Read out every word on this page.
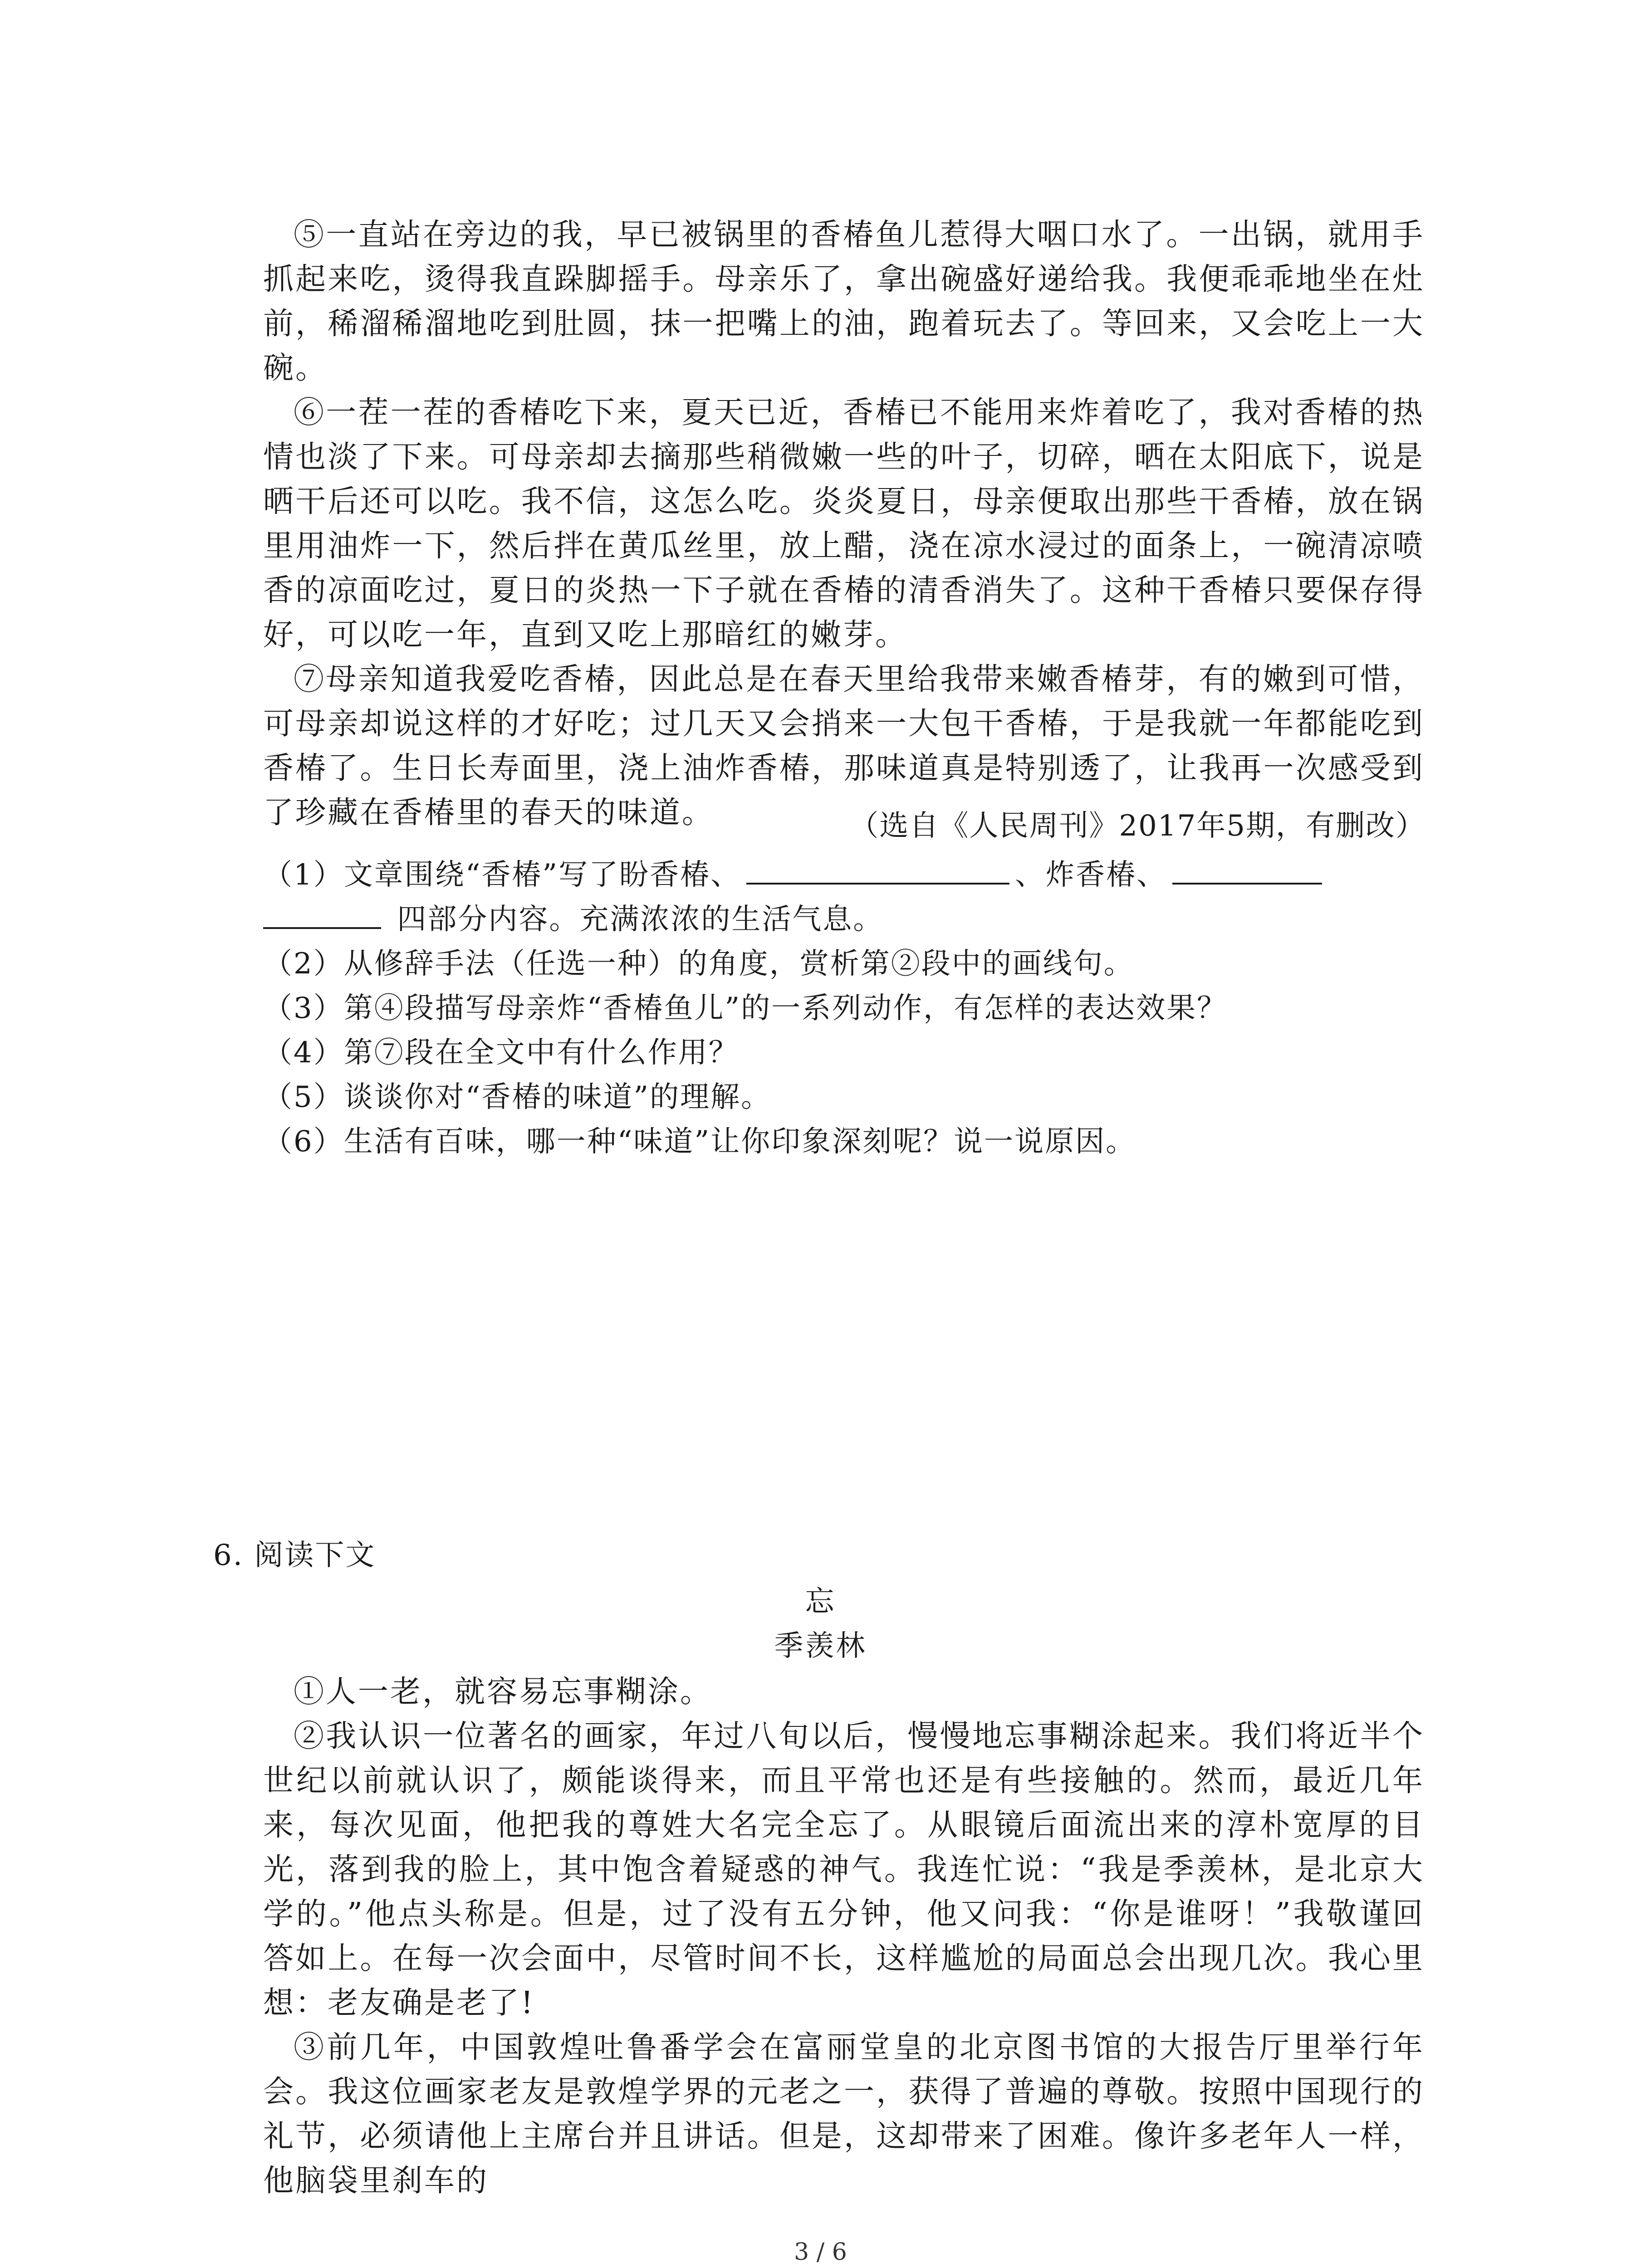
⑤一直站在旁边的我，早已被锅里的香椿鱼儿惹得大咽口水了。一出锅，就用手抓起来吃，烫得我直跺脚摇手。母亲乐了，拿出碗盛好递给我。我便乖乖地坐在灶前，稀溜稀溜地吃到肚圆，抹一把嘴上的油，跑着玩去了。等回来，又会吃上一大碗。

⑥一茬一茬的香椿吃下来，夏天已近，香椿已不能用来炸着吃了，我对香椿的热情也淡了下来。可母亲却去摘那些稍微嫩一些的叶子，切碎，晒在太阳底下，说是晒干后还可以吃。我不信，这怎么吃。炎炎夏日，母亲便取出那些干香椿，放在锅里用油炸一下，然后拌在黄瓜丝里，放上醋，浇在凉水浸过的面条上，一碗清凉喷香的凉面吃过，夏日的炎热一下子就在香椿的清香消失了。这种干香椿只要保存得好，可以吃一年，直到又吃上那暗红的嫩芽。

⑦母亲知道我爱吃香椿，因此总是在春天里给我带来嫩香椿芽，有的嫩到可惜，可母亲却说这样的才好吃；过几天又会捎来一大包干香椿，于是我就一年都能吃到香椿了。生日长寿面里，浇上油炸香椿，那味道真是特别透了，让我再一次感受到了珍藏在香椿里的春天的味道。	（选自《人民周刊》2017年5期，有删改）

（1）文章围绕“香椿”写了盼香椿、	、炸香椿、

四部分内容。充满浓浓的生活气息。

（2）从修辞手法（任选一种）的角度，赏析第②段中的画线句。

（3）第④段描写母亲炸“香椿鱼儿”的一系列动作，有怎样的表达效果？

（4）第⑦段在全文中有什么作用？

（5）谈谈你对“香椿的味道”的理解。

（6）生活有百味，哪一种“味道”让你印象深刻呢？说一说原因。

6. 阅读下文

忘

季羡林

①人一老，就容易忘事糊涂。

②我认识一位著名的画家，年过八旬以后，慢慢地忘事糊涂起来。我们将近半个世纪以前就认识了，颇能谈得来，而且平常也还是有些接触的。然而，最近几年来，每次见面，他把我的尊姓大名完全忘了。从眼镜后面流出来的淳朴宽厚的目光，落到我的脸上，其中饱含着疑惑的神气。我连忙说：“我是季羡林，是北京大学的。”他点头称是。但是，过了没有五分钟，他又问我：“你是谁呀！”我敬谨回答如上。在每一次会面中，尽管时间不长，这样尴尬的局面总会出现几次。我心里想：老友确是老了!

③前几年，中国敦煌吐鲁番学会在富丽堂皇的北京图书馆的大报告厅里举行年会。我这位画家老友是敦煌学界的元老之一，获得了普遍的尊敬。按照中国现行的礼节，必须请他上主席台并且讲话。但是，这却带来了困难。像许多老年人一样，他脑袋里刹车的

3 / 6
